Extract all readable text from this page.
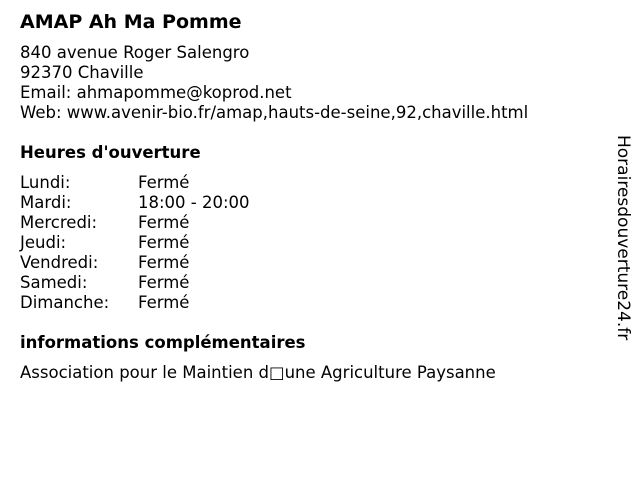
AMAP Ah Ma Pomme
840 avenue Roger Salengro
92370 Chaville
Email: ahmapomme@koprod.net
Web: www.avenir-bio.fr/amap,hauts-de-seine,92,chaville.html
Heures d'ouverture
Lundi:	Fermé
Mardi:	18:00 - 20:00
Mercredi:	Fermé
Jeudi:	Fermé
Vendredi:	Fermé
Samedi:	Fermé
Dimanche:	Fermé
informations complémentaires
Association pour le Maintien d□une Agriculture Paysanne
Horairesdouverture24.fr
